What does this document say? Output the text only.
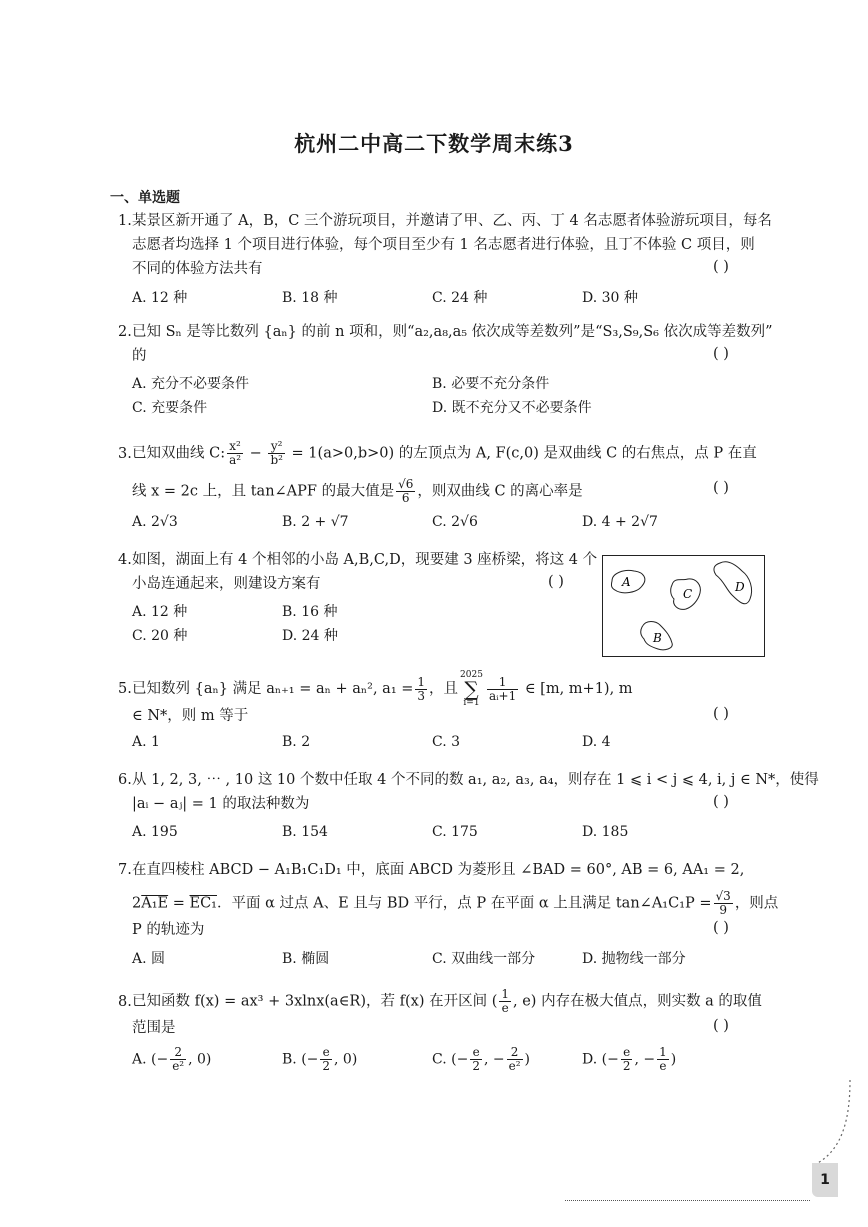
杭州二中高二下数学周末练3
一、单选题
1.某景区新开通了 A，B，C 三个游玩项目，并邀请了甲、乙、丙、丁 4 名志愿者体验游玩项目，每名
志愿者均选择 1 个项目进行体验，每个项目至少有 1 名志愿者进行体验，且丁不体验 C 项目，则
不同的体验方法共有	( )
A. 12 种	B. 18 种	C. 24 种	D. 30 种
2.已知 Sₙ 是等比数列 {aₙ} 的前 n 项和，则“a₂,a₈,a₅ 依次成等差数列”是“S₃,S₉,S₆ 依次成等差数列”
的	( )
A. 充分不必要条件	B. 必要不充分条件
C. 充要条件	D. 既不充分又不必要条件
3.已知双曲线 C: $\frac{\text{x²}}{\text{a²}} - \frac{\text{y²}}{\text{b²}} = 1(a>0,b>0)$ 的左顶点为 A, F(c,0) 是双曲线 C 的右焦点，点 P 在直
线 x = 2c 上，且 tan∠APF 的最大值是 $\frac{√6}{6}$ ，则双曲线 C 的离心率是	( )
A. 2√3	B. 2 + √7	C. 2√6	D. 4 + 2√7
4.如图，湖面上有 4 个相邻的小岛 A,B,C,D，现要建 3 座桥梁，将这 4 个
小岛连通起来，则建设方案有	( )
A. 12 种	B. 16 种
C. 20 种	D. 24 种
A
C	D
B
5.已知数列 {aₙ} 满足 aₙ₊₁ = aₙ + aₙ², $a_1 = \frac{1}{3}$ ，且2025
∑
i=1
$\frac{1}{\text{aᵢ+1}}$ ∈ [m, m+1), m
∈ N*，则 m 等于	( )
A. 1	B. 2	C. 3	D. 4
6.从 1, 2, 3, ⋯ , 10 这 10 个数中任取 4 个不同的数 a₁, a₂, a₃, a₄，则存在 1 ⩽ i < j ⩽ 4, i, j ∈ N*，使得
|aᵢ − aⱼ| = 1 的取法种数为	( )
A. 195	B. 154	C. 175	D. 185
7.在直四棱柱 ABCD − A₁B₁C₁D₁ 中，底面 ABCD 为菱形且 ∠BAD = 60°, AB = 6, AA₁ = 2,
2A₁E = EC₁．平面 α 过点 A、E 且与 BD 平行，点 P 在平面 α 上且满足 tan∠A₁C₁P = $\frac{√3}{9}$ ，则点
P 的轨迹为	( )
A. 圆	B. 椭圆	C. 双曲线一部分	D. 抛物线一部分
8.已知函数 f(x) = ax³ + 3xlnx(a∈R)，若 f(x) 在开区间 ( $\frac{1}{e}$ , e) 内存在极大值点，则实数 a 的取值
范围是	( )
A. (− $\frac{2}{\text{e²}}$ , 0)	B. (− $\frac{e}{2}$ , 0)	C. (− $\frac{e}{2}$ , − $\frac{2}{\text{e²}}$ )	D. (− $\frac{e}{2}$ , − $\frac{1}{e}$ )
1
